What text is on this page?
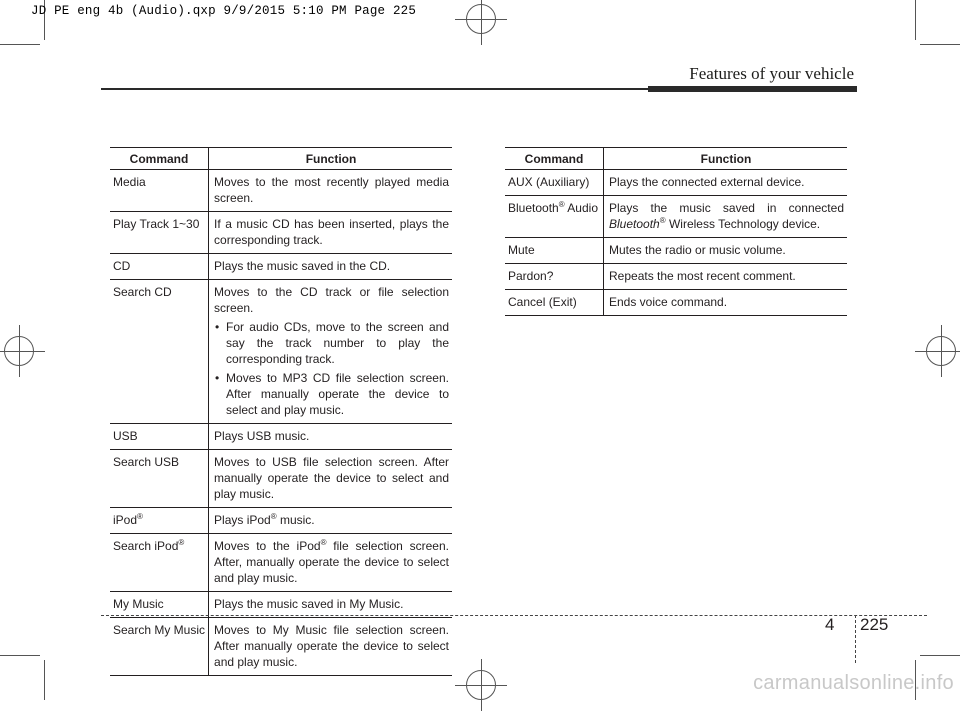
JD PE eng 4b (Audio).qxp 9/9/2015 5:10 PM Page 225
Features of your vehicle
Command	Function
Media	Moves to the most recently played media screen.
Play Track 1~30	If a music CD has been inserted, plays the corresponding track.
CD	Plays the music saved in the CD.
Search CD	Moves to the CD track or file selection screen.
• For audio CDs, move to the screen and say the track number to play the corresponding track.
• Moves to MP3 CD file selection screen. After manually operate the device to select and play music.

USB	Plays USB music.
Search USB	Moves to USB file selection screen. After manually operate the device to select and play music.
iPod®	Plays iPod® music.
Search iPod®	Moves to the iPod® file selection screen. After, manually operate the device to select and play music.
My Music	Plays the music saved in My Music.
Search My Music	Moves to My Music file selection screen. After manually operate the device to select and play music.
Command	Function
AUX (Auxiliary)	Plays the connected external device.
Bluetooth® Audio	Plays the music saved in connected Bluetooth® Wireless Technology device.
Mute	Mutes the radio or music volume.
Pardon?	Repeats the most recent comment.
Cancel (Exit)	Ends voice command.
4 225
carmanualsonline.info
